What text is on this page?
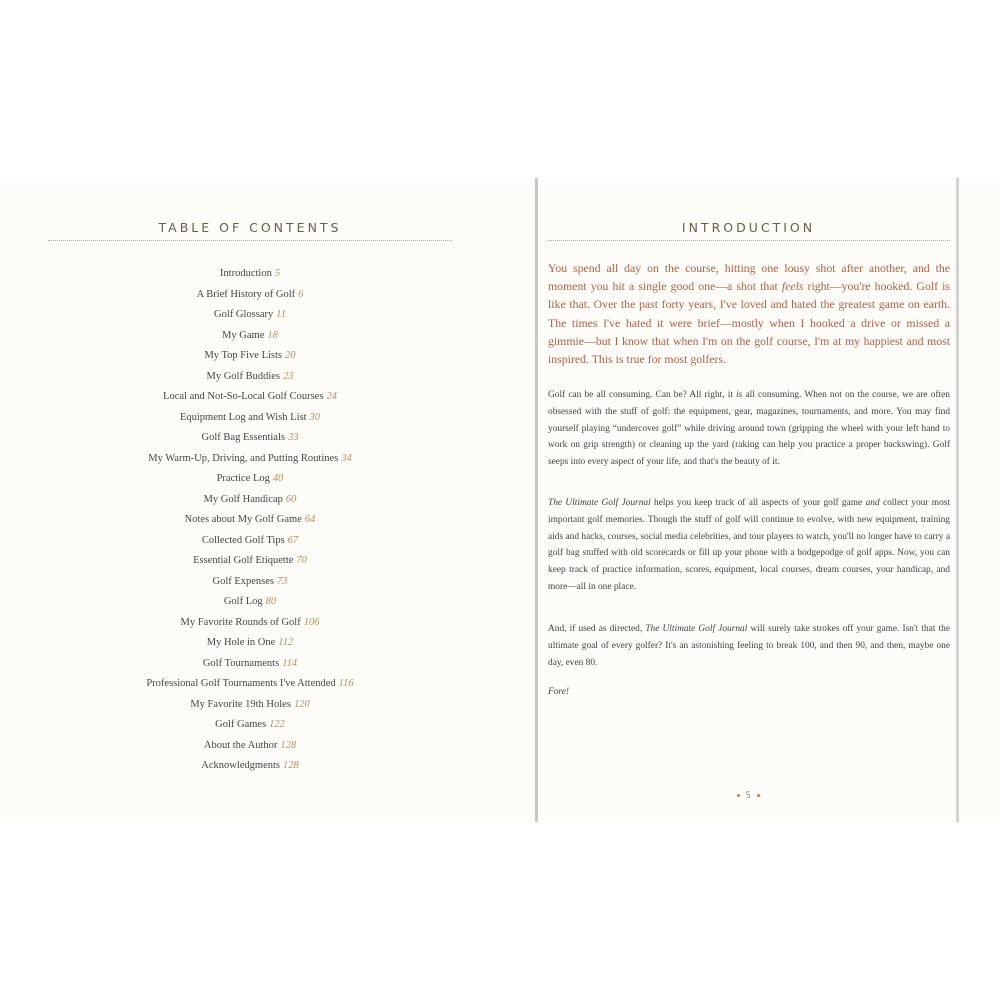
TABLE OF CONTENTS
Introduction 5
A Brief History of Golf 6
Golf Glossary 11
My Game 18
My Top Five Lists 20
My Golf Buddies 23
Local and Not-So-Local Golf Courses 24
Equipment Log and Wish List 30
Golf Bag Essentials 33
My Warm-Up, Driving, and Putting Routines 34
Practice Log 40
My Golf Handicap 60
Notes about My Golf Game 64
Collected Golf Tips 67
Essential Golf Etiquette 70
Golf Expenses 73
Golf Log 80
My Favorite Rounds of Golf 106
My Hole in One 112
Golf Tournaments 114
Professional Golf Tournaments I've Attended 116
My Favorite 19th Holes 120
Golf Games 122
About the Author 128
Acknowledgments 128
INTRODUCTION

You spend all day on the course, hitting one lousy shot after another, and the moment you hit a single good one—a shot that feels right—you're hooked. Golf is like that. Over the past forty years, I've loved and hated the greatest game on earth. The times I've hated it were brief—mostly when I hooked a drive or missed a gimmie—but I know that when I'm on the golf course, I'm at my happiest and most inspired. This is true for most golfers.

Golf can be all consuming. Can be? All right, it is all consuming. When not on the course, we are often obsessed with the stuff of golf: the equipment, gear, magazines, tournaments, and more. You may find yourself playing “undercover golf” while driving around town (gripping the wheel with your left hand to work on grip strength) or cleaning up the yard (raking can help you practice a proper backswing). Golf seeps into every aspect of your life, and that's the beauty of it.

The Ultimate Golf Journal helps you keep track of all aspects of your golf game and collect your most important golf memories. Though the stuff of golf will continue to evolve, with new equipment, training aids and hacks, courses, social media celebrities, and tour players to watch, you'll no longer have to carry a golf bag stuffed with old scorecards or fill up your phone with a hodgepodge of golf apps. Now, you can keep track of practice information, scores, equipment, local courses, dream courses, your handicap, and more—all in one place.

And, if used as directed, The Ultimate Golf Journal will surely take strokes off your game. Isn't that the ultimate goal of every golfer? It's an astonishing feeling to break 100, and then 90, and then, maybe one day, even 80.

Fore!

5
